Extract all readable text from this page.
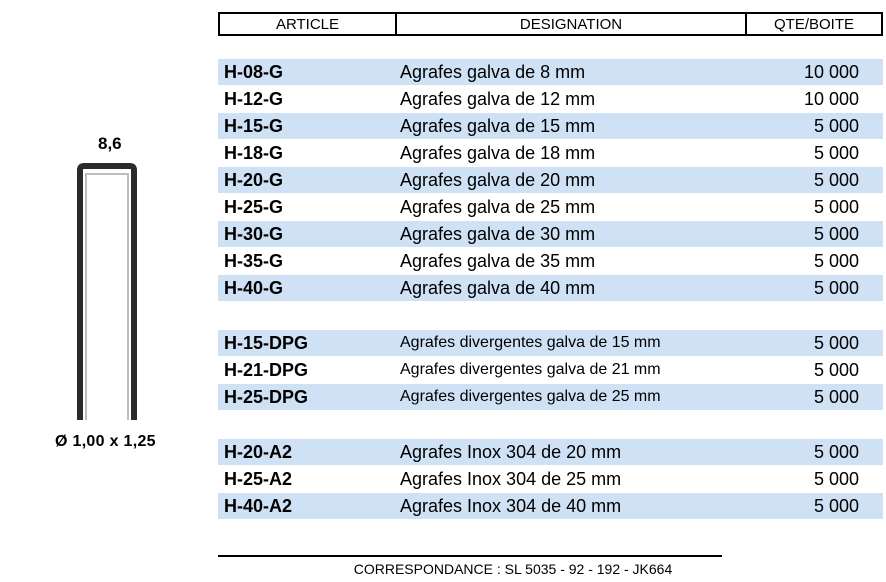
8,6
Ø 1,00 x 1,25
ARTICLE	DESIGNATION	QTE/BOITE
H-08-G	Agrafes galva de 8 mm	10 000
H-12-G	Agrafes galva de 12 mm	10 000
H-15-G	Agrafes galva de 15 mm	5 000
H-18-G	Agrafes galva de 18 mm	5 000
H-20-G	Agrafes galva de 20 mm	5 000
H-25-G	Agrafes galva de 25 mm	5 000
H-30-G	Agrafes galva de 30 mm	5 000
H-35-G	Agrafes galva de 35 mm	5 000
H-40-G	Agrafes galva de 40 mm	5 000
H-15-DPG	Agrafes divergentes galva de 15 mm	5 000
H-21-DPG	Agrafes divergentes galva de 21 mm	5 000
H-25-DPG	Agrafes divergentes galva de 25 mm	5 000
H-20-A2	Agrafes Inox 304 de 20 mm	5 000
H-25-A2	Agrafes Inox 304 de 25 mm	5 000
H-40-A2	Agrafes Inox 304 de 40 mm	5 000
CORRESPONDANCE : SL 5035 - 92 - 192 - JK664
